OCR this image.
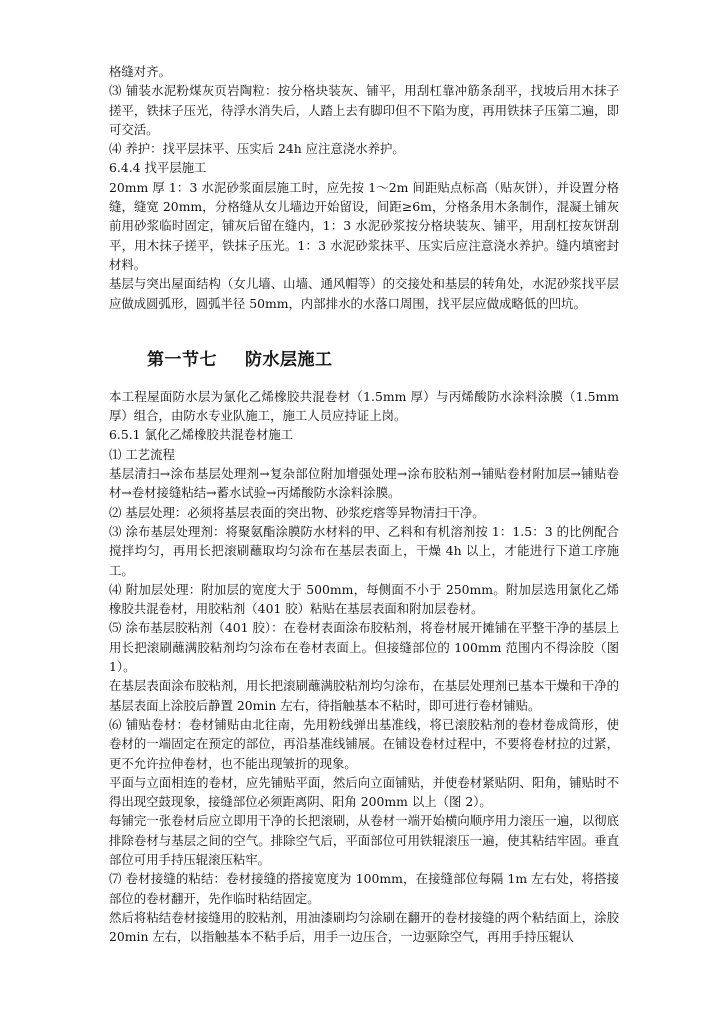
格缝对齐。

⑶ 铺装水泥粉煤灰页岩陶粒：按分格块装灰、铺平，用刮杠靠冲筋条刮平，找坡后用木抹子搓平，铁抹子压光，待浮水消失后，人踏上去有脚印但不下陷为度，再用铁抹子压第二遍，即可交活。

⑷ 养护：找平层抹平、压实后 24h 应注意浇水养护。

6.4.4 找平层施工

20mm 厚 1：3 水泥砂浆面层施工时，应先按 1～2m 间距贴点标高（贴灰饼），并设置分格缝，缝宽 20mm，分格缝从女儿墙边开始留设，间距≥6m，分格条用木条制作，混凝土铺灰前用砂浆临时固定，铺灰后留在缝内，1：3 水泥砂浆按分格块装灰、铺平，用刮杠按灰饼刮平，用木抹子搓平，铁抹子压光。1：3 水泥砂浆抹平、压实后应注意浇水养护。缝内填密封材料。

基层与突出屋面结构（女儿墙、山墙、通风帽等）的交接处和基层的转角处，水泥砂浆找平层应做成圆弧形，圆弧半径 50mm，内部排水的水落口周围，找平层应做成略低的凹坑。

第一节七 防水层施工

本工程屋面防水层为氯化乙烯橡胶共混卷材（1.5mm 厚）与丙烯酸防水涂料涂膜（1.5mm 厚）组合，由防水专业队施工，施工人员应持证上岗。

6.5.1 氯化乙烯橡胶共混卷材施工

⑴ 工艺流程

基层清扫→涂布基层处理剂→复杂部位附加增强处理→涂布胶粘剂→铺贴卷材附加层→铺贴卷材→卷材接缝粘结→蓄水试验→丙烯酸防水涂料涂膜。

⑵ 基层处理：必须将基层表面的突出物、砂浆疙瘩等异物清扫干净。

⑶ 涂布基层处理剂：将聚氨酯涂膜防水材料的甲、乙料和有机溶剂按 1：1.5：3 的比例配合搅拌均匀，再用长把滚刷蘸取均匀涂布在基层表面上，干燥 4h 以上，才能进行下道工序施工。

⑷ 附加层处理：附加层的宽度大于 500mm，每侧面不小于 250mm。附加层选用氯化乙烯橡胶共混卷材，用胶粘剂（401 胶）粘贴在基层表面和附加层卷材。

⑸ 涂布基层胶粘剂（401 胶）：在卷材表面涂布胶粘剂，将卷材展开摊铺在平整干净的基层上用长把滚刷蘸满胶粘剂均匀涂布在卷材表面上。但接缝部位的 100mm 范围内不得涂胶（图 1）。

在基层表面涂布胶粘剂，用长把滚刷蘸满胶粘剂均匀涂布，在基层处理剂已基本干燥和干净的基层表面上涂胶后静置 20min 左右，待指触基本不粘时，即可进行卷材铺贴。

⑹ 铺贴卷材：卷材铺贴由北往南，先用粉线弹出基准线，将已滚胶粘剂的卷材卷成筒形，使卷材的一端固定在预定的部位，再沿基准线铺展。在铺设卷材过程中，不要将卷材拉的过紧，更不允许拉伸卷材，也不能出现皱折的现象。

平面与立面相连的卷材，应先铺贴平面，然后向立面铺贴，并使卷材紧贴阴、阳角，铺贴时不得出现空鼓现象，接缝部位必须距离阴、阳角 200mm 以上（图 2）。

每铺完一张卷材后应立即用干净的长把滚刷，从卷材一端开始横向顺序用力滚压一遍，以彻底排除卷材与基层之间的空气。排除空气后，平面部位可用铁辊滚压一遍，使其粘结牢固。垂直部位可用手持压辊滚压粘牢。

⑺ 卷材接缝的粘结：卷材接缝的搭接宽度为 100mm，在接缝部位每隔 1m 左右处，将搭接部位的卷材翻开，先作临时粘结固定。

然后将粘结卷材接缝用的胶粘剂，用油漆刷均匀涂刷在翻开的卷材接缝的两个粘结面上，涂胶 20min 左右，以指触基本不粘手后，用手一边压合，一边驱除空气，再用手持压辊认
